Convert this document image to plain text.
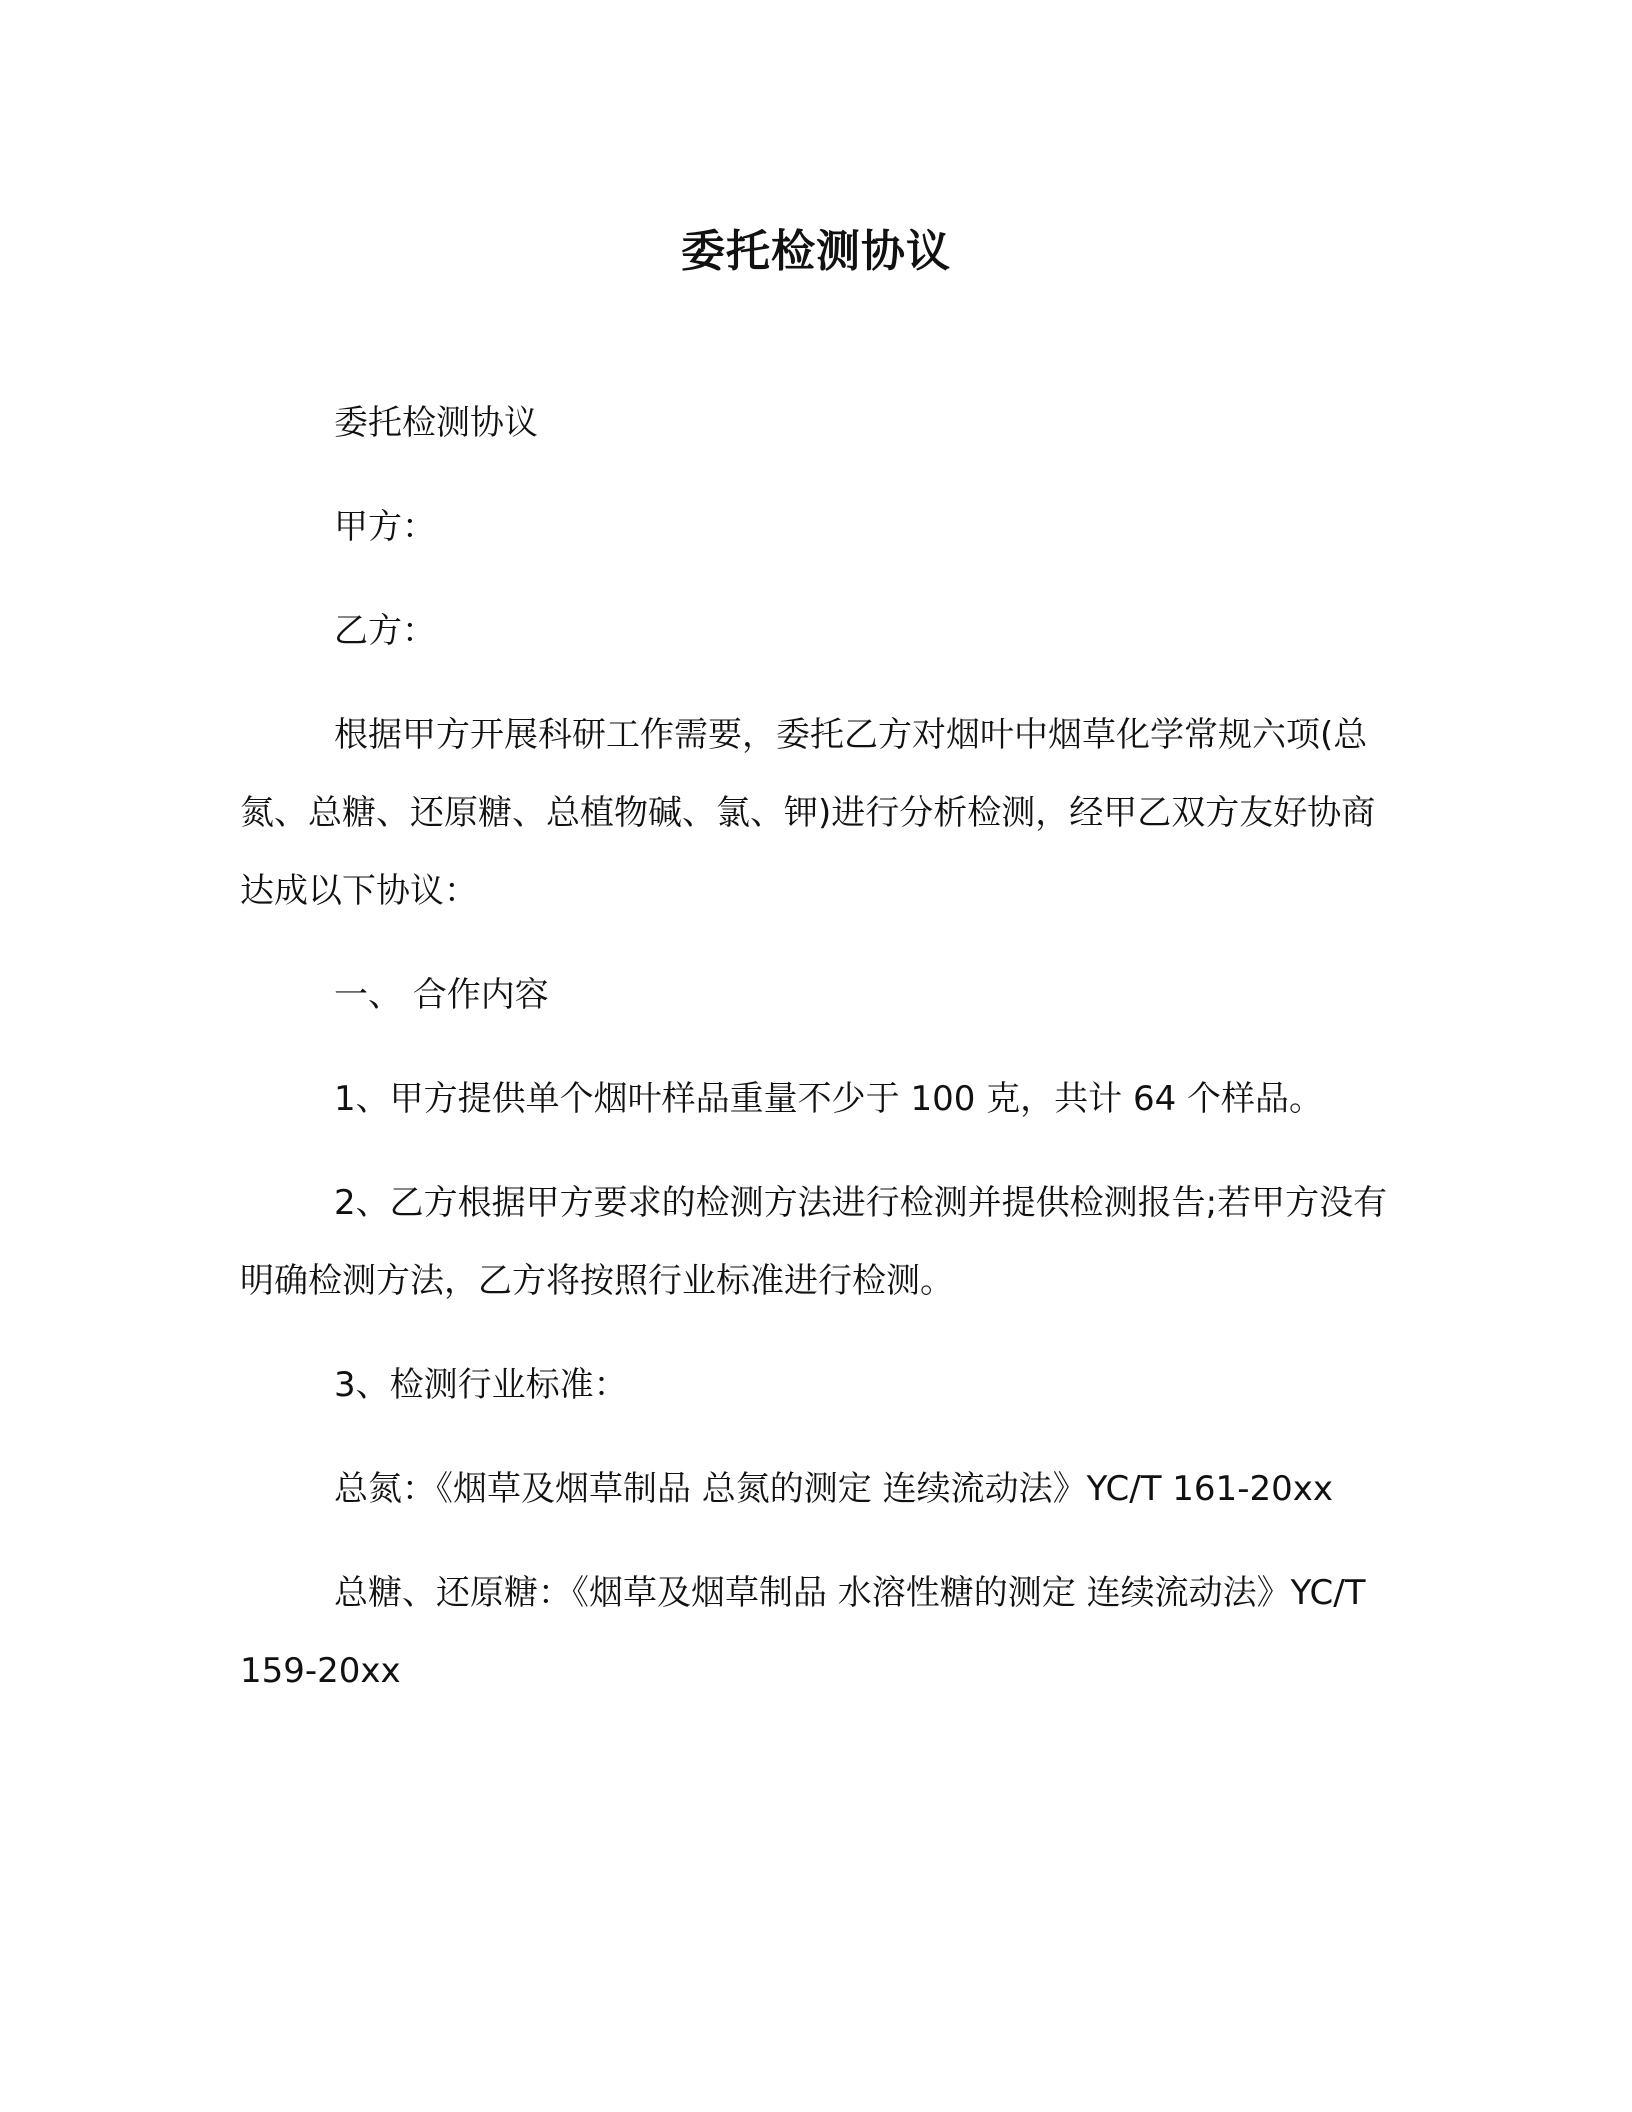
委托检测协议

委托检测协议

甲方：

乙方：

根据甲方开展科研工作需要，委托乙方对烟叶中烟草化学常规六项(总氮、总糖、还原糖、总植物碱、氯、钾)进行分析检测，经甲乙双方友好协商达成以下协议：

一、 合作内容

1、甲方提供单个烟叶样品重量不少于 100 克，共计 64 个样品。

2、乙方根据甲方要求的检测方法进行检测并提供检测报告;若甲方没有明确检测方法，乙方将按照行业标准进行检测。

3、检测行业标准：

总氮：《烟草及烟草制品 总氮的测定 连续流动法》YC/T 161-20xx

总糖、还原糖：《烟草及烟草制品 水溶性糖的测定 连续流动法》YC/T 159-20xx
